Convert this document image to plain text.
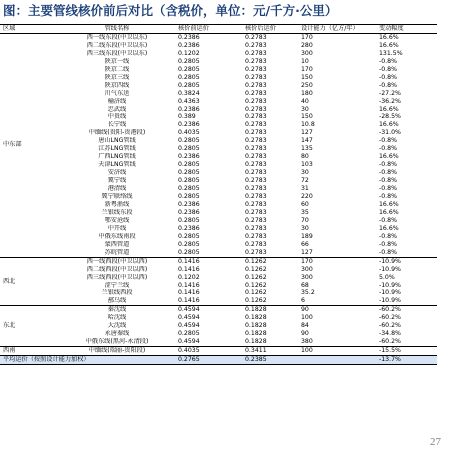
图：主要管线核价前后对比（含税价，单位：元/千方·公里）
区域	管线名称	核价前运价	核价后运价	设计能力（亿方/年）	变动幅度
中东部	西一线东段(中卫以东)	0.2386	0.2783	170	16.6%
	西二线东段(中卫以东)	0.2386	0.2783	280	16.6%
	西三线东段(中卫以东)	0.1202	0.2783	300	131.5%
	陕京一线	0.2805	0.2783	10	-0.8%
	陕京二线	0.2805	0.2783	170	-0.8%
	陕京三线	0.2805	0.2783	150	-0.8%
	陕京四线	0.2805	0.2783	250	-0.8%
	川气东送	0.3824	0.2783	180	-27.2%
	榆济线	0.4363	0.2783	40	-36.2%
	忠武线	0.2386	0.2783	30	16.6%
	中贵线	0.389	0.2783	150	-28.5%
	长宁线	0.2386	0.2783	10.8	16.6%
	中缅线(贵阳-贵港段)	0.4035	0.2783	127	-31.0%
	唐山LNG管线	0.2805	0.2783	147	-0.8%
	江苏LNG管线	0.2805	0.2783	135	-0.8%
	广西LNG管线	0.2386	0.2783	80	16.6%
	天津LNG管线	0.2805	0.2783	103	-0.8%
	安济线	0.2805	0.2783	30	-0.8%
	冀宁线	0.2805	0.2783	72	-0.8%
	港清线	0.2805	0.2783	31	-0.8%
	冀宁联络线	0.2805	0.2783	220	-0.8%
	新粤浙线	0.2386	0.2783	60	16.6%
	兰银线东段	0.2386	0.2783	35	16.6%
	鄂安沧线	0.2805	0.2783	70	-0.8%
	中开线	0.2386	0.2783	30	16.6%
	中俄东线南段	0.2805	0.2783	189	-0.8%
	蒙西管道	0.2805	0.2783	66	-0.8%
	苏皖管道	0.2805	0.2783	127	-0.8%
西北	西一线西段(中卫以西)	0.1416	0.1262	170	-10.9%
	西二线西段(中卫以西)	0.1416	0.1262	300	-10.9%
	西三线西段(中卫以西)	0.1202	0.1262	300	5.0%
	涩宁兰线	0.1416	0.1262	68	-10.9%
	兰银线西段	0.1416	0.1262	35.2	-10.9%
	鄯乌线	0.1416	0.1262	6	-10.9%
东北	秦沈线	0.4594	0.1828	90	-60.2%
	哈沈线	0.4594	0.1828	100	-60.2%
	大沈线	0.4594	0.1828	84	-60.2%
	永唐秦线	0.2805	0.1828	90	-34.8%
	中俄东线(黑河-永清段)	0.4594	0.1828	380	-60.2%
西南	中缅线(瑞丽-贵阳段)	0.4035	0.3411	100	-15.5%
平均运价（按照设计能力加权）		0.2765	0.2385		-13.7%
27
